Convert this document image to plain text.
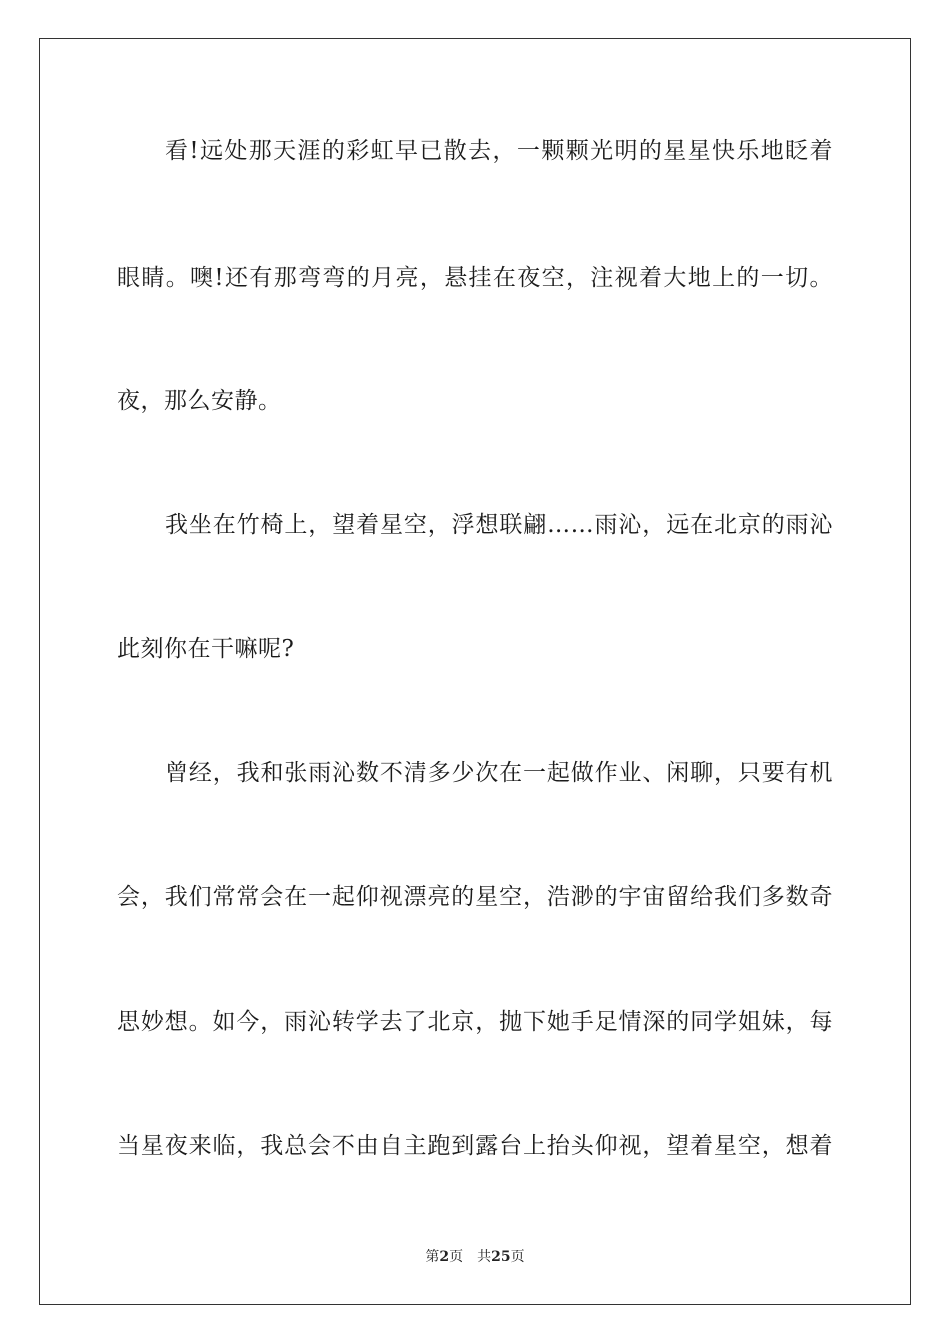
看!远处那天涯的彩虹早已散去，一颗颗光明的星星快乐地眨着
眼睛。噢!还有那弯弯的月亮，悬挂在夜空，注视着大地上的一切。
夜，那么安静。
我坐在竹椅上，望着星空，浮想联翩……雨沁，远在北京的雨沁
此刻你在干嘛呢?
曾经，我和张雨沁数不清多少次在一起做作业、闲聊，只要有机
会，我们常常会在一起仰视漂亮的星空，浩渺的宇宙留给我们多数奇
思妙想。如今，雨沁转学去了北京，抛下她手足情深的同学姐妹，每
当星夜来临，我总会不由自主跑到露台上抬头仰视，望着星空，想着
第2页 共25页
